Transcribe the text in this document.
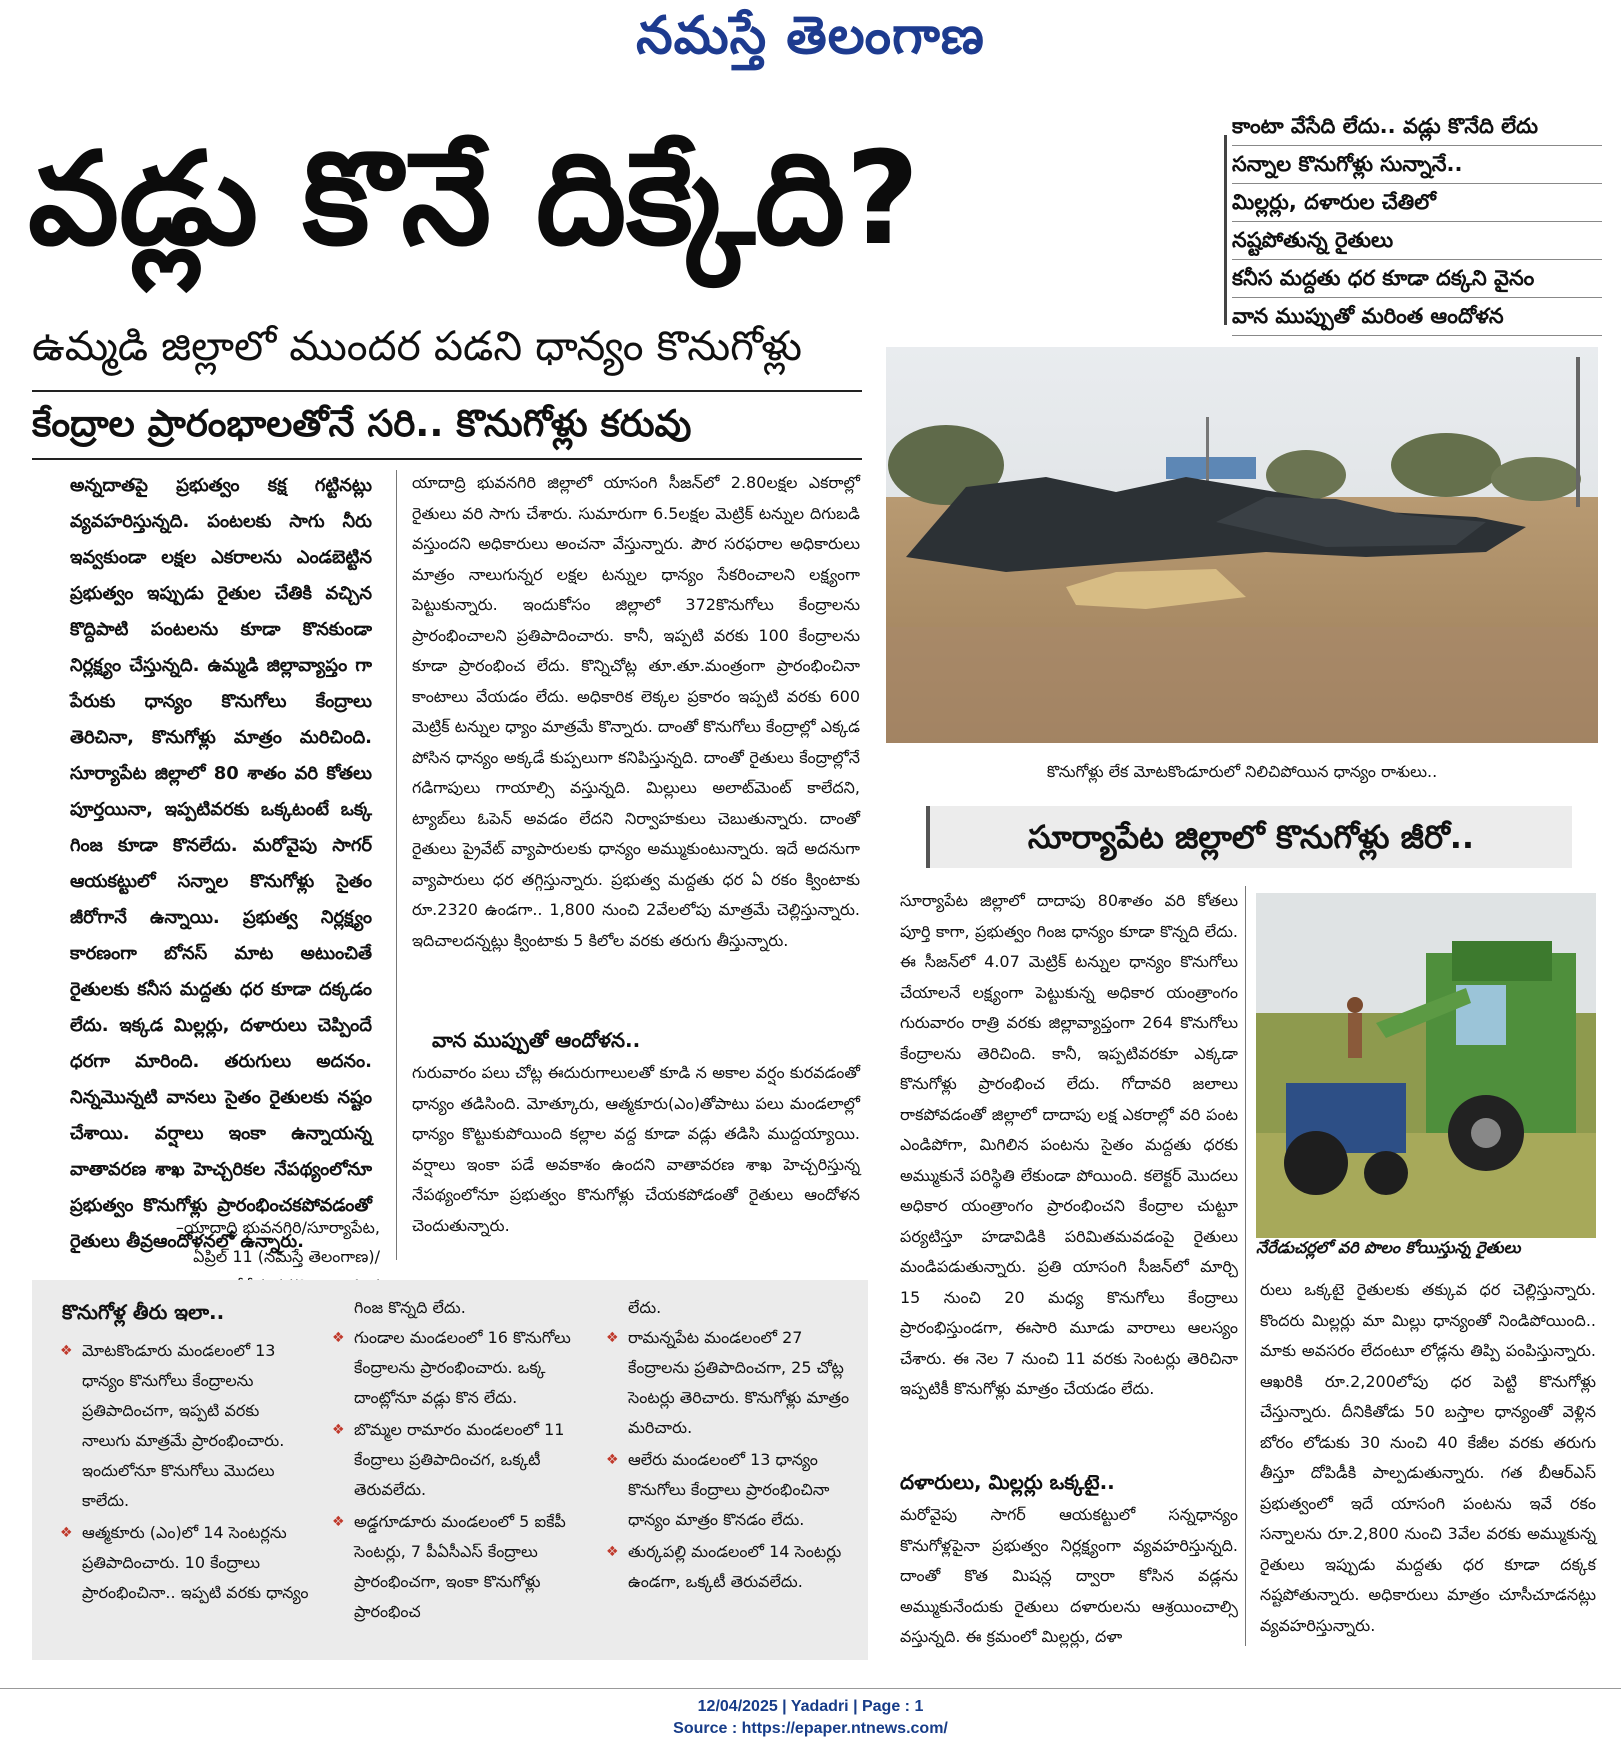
నమస్తే తెలంగాణ
వడ్లు కొనే దిక్కేది?	కాంటా వేసేది లేదు.. వడ్లు కొనేది లేదు
సన్నాల కొనుగోళ్లు సున్నానే..
మిల్లర్లు, దళారుల చేతిలో
నష్టపోతున్న రైతులు
కనీస మద్దతు ధర కూడా దక్కని వైనం
వాన ముప్పుతో మరింత ఆందోళన
ఉమ్మడి జిల్లాలో ముందర పడని ధాన్యం కొనుగోళ్లు
కేంద్రాల ప్రారంభాలతోనే సరి.. కొనుగోళ్లు కరువు
అన్నదాతపై ప్రభుత్వం కక్ష గట్టినట్లు వ్యవహరిస్తున్నది. పంటలకు సాగు నీరు ఇవ్వకుండా లక్షల ఎకరాలను ఎండబెట్టిన ప్రభుత్వం ఇప్పుడు రైతుల చేతికి వచ్చిన కొద్దిపాటి పంటలను కూడా కొనకుండా నిర్లక్ష్యం చేస్తున్నది. ఉమ్మడి జిల్లావ్యాప్తం గా పేరుకు ధాన్యం కొనుగోలు కేంద్రాలు తెరిచినా, కొనుగోళ్లు మాత్రం మరిచింది. సూర్యాపేట జిల్లాలో 80 శాతం వరి కోతలు పూర్తయినా, ఇప్పటివరకు ఒక్కటంటే ఒక్క గింజ కూడా కొనలేదు. మరోవైపు సాగర్ ఆయకట్టులో సన్నాల కొనుగోళ్లు సైతం జీరోగానే ఉన్నాయి. ప్రభుత్వ నిర్లక్ష్యం కారణంగా బోనస్ మాట అటుంచితే రైతులకు కనీస మద్దతు ధర కూడా దక్కడం లేదు. ఇక్కడ మిల్లర్లు, దళారులు చెప్పిందే ధరగా మారింది. తరుగులు అదనం. నిన్నమొన్నటి వానలు సైతం రైతులకు నష్టం చేశాయి. వర్షాలు ఇంకా ఉన్నాయన్న వాతావరణ శాఖ హెచ్చరికల నేపథ్యంలోనూ ప్రభుత్వం కొనుగోళ్లు ప్రారంభించకపోవడంతో రైతులు తీవ్రఆందోళనలో ఉన్నారు.
–యాదాద్రి భువనగిరి/సూర్యాపేట,
ఏప్రిల్ 11 (నమస్తే తెలంగాణ)/
యాదాద్రి భువనగిరి జిల్లాలో యాసంగి సీజన్‌లో 2.80లక్షల ఎకరాల్లో రైతులు వరి సాగు చేశారు. సుమారుగా 6.5లక్షల మెట్రిక్ టన్నుల దిగుబడి వస్తుందని అధికారులు అంచనా వేస్తున్నారు. పౌర సరఫరాల అధికారులు మాత్రం నాలుగున్నర లక్షల టన్నుల ధాన్యం సేకరించాలని లక్ష్యంగా పెట్టుకున్నారు. ఇందుకోసం జిల్లాలో 372కొనుగోలు కేంద్రాలను ప్రారంభించాలని ప్రతిపాదించారు. కానీ, ఇప్పటి వరకు 100 కేంద్రాలను కూడా ప్రారంభించ లేదు. కొన్నిచోట్ల తూ.తూ.మంత్రంగా ప్రారంభించినా కాంటాలు వేయడం లేదు. అధికారిక లెక్కల ప్రకారం ఇప్పటి వరకు 600 మెట్రిక్ టన్నుల ధ్యాం మాత్రమే కొన్నారు. దాంతో కొనుగోలు కేంద్రాల్లో ఎక్కడ పోసిన ధాన్యం అక్కడే కుప్పలుగా కనిపిస్తున్నది. దాంతో రైతులు కేంద్రాల్లోనే గడిగాపులు గాయాల్సి వస్తున్నది. మిల్లులు అలాట్‌మెంట్ కాలేదని, ట్యాబ్‌లు ఓపెన్ అవడం లేదని నిర్వాహకులు చెబుతున్నారు. దాంతో రైతులు ప్రైవేట్ వ్యాపారులకు ధాన్యం అమ్ముకుంటున్నారు. ఇదే అదనుగా వ్యాపారులు ధర తగ్గిస్తున్నారు. ప్రభుత్వ మద్దతు ధర ఏ రకం క్వింటాకు రూ.2320 ఉండగా.. 1,800 నుంచి 2వేలలోపు మాత్రమే చెల్లిస్తున్నారు. ఇదిచాలదన్నట్లు క్వింటాకు 5 కిలోల వరకు తరుగు తీస్తున్నారు.
వాన ముప్పుతో ఆందోళన..
గురువారం పలు చోట్ల ఈదురుగాలులతో కూడి న అకాల వర్షం కురవడంతో ధాన్యం తడిసింది. మోత్కూరు, ఆత్మకూరు(ఎం)తోపాటు పలు మండలాల్లో ధాన్యం కొట్టుకుపోయింది కల్లాల వద్ద కూడా వడ్లు తడిసి ముద్దయ్యాయి. వర్షాలు ఇంకా పడే అవకాశం ఉందని వాతావరణ శాఖ హెచ్చరిస్తున్న నేపథ్యంలోనూ ప్రభుత్వం కొనుగోళ్లు చేయకపోడంతో రైతులు ఆందోళన చెందుతున్నారు.
కొనుగోళ్లు లేక మోటకొండూరులో నిలిచిపోయిన ధాన్యం రాశులు..
సూర్యాపేట జిల్లాలో కొనుగోళ్లు జీరో..
సూర్యాపేట జిల్లాలో దాదాపు 80శాతం వరి కోతలు పూర్తి కాగా, ప్రభుత్వం గింజ ధాన్యం కూడా కొన్నది లేదు. ఈ సీజన్‌లో 4.07 మెట్రిక్ టన్నుల ధాన్యం కొనుగోలు చేయాలనే లక్ష్యంగా పెట్టుకున్న అధికార యంత్రాంగం గురువారం రాత్రి వరకు జిల్లావ్యాప్తంగా 264 కొనుగోలు కేంద్రాలను తెరిచింది. కానీ, ఇప్పటివరకూ ఎక్కడా కొనుగోళ్లు ప్రారంభించ లేదు. గోదావరి జలాలు రాకపోవడంతో జిల్లాలో దాదాపు లక్ష ఎకరాల్లో వరి పంట ఎండిపోగా, మిగిలిన పంటను సైతం మద్దతు ధరకు అమ్ముకునే పరిస్థితి లేకుండా పోయింది. కలెక్టర్ మొదలు అధికార యంత్రాంగం ప్రారంభించని కేంద్రాల చుట్టూ పర్యటిస్తూ హడావిడికి పరిమితమవడంపై రైతులు మండిపడుతున్నారు. ప్రతి యాసంగి సీజన్‌లో మార్చి 15 నుంచి 20 మధ్య కొనుగోలు కేంద్రాలు ప్రారంభిస్తుండగా, ఈసారి మూడు వారాలు ఆలస్యం చేశారు. ఈ నెల 7 నుంచి 11 వరకు సెంటర్లు తెరిచినా ఇప్పటికీ కొనుగోళ్లు మాత్రం చేయడం లేదు.
దళారులు, మిల్లర్లు ఒక్కటై..
మరోవైపు సాగర్ ఆయకట్టులో సన్నధాన్యం కొనుగోళ్లపైనా ప్రభుత్వం నిర్లక్ష్యంగా వ్యవహరిస్తున్నది. దాంతో కొత మిషన్ల ద్వారా కోసిన వడ్లను అమ్ముకునేందుకు రైతులు దళారులను ఆశ్రయించాల్సి వస్తున్నది. ఈ క్రమంలో మిల్లర్లు, దళా
నేరేడుచర్లలో వరి పొలం కోయిస్తున్న రైతులు
రులు ఒక్కటై రైతులకు తక్కువ ధర చెల్లిస్తున్నారు. కొందరు మిల్లర్లు మా మిల్లు ధాన్యంతో నిండిపోయింది.. మాకు అవసరం లేదంటూ లోడ్లను తిప్పి పంపిస్తున్నారు. ఆఖరికి రూ.2,200లోపు ధర పెట్టి కొనుగోళ్లు చేస్తున్నారు. దీనికితోడు 50 బస్తాల ధాన్యంతో వెళ్లిన బోరం లోడుకు 30 నుంచి 40 కేజీల వరకు తరుగు తీస్తూ దోపిడీకి పాల్పడుతున్నారు. గత బీఆర్ఎస్ ప్రభుత్వంలో ఇదే యాసంగి పంటను ఇవే రకం సన్నాలను రూ.2,800 నుంచి 3వేల వరకు అమ్ముకున్న రైతులు ఇప్పుడు మద్దతు ధర కూడా దక్కక నష్టపోతున్నారు. అధికారులు మాత్రం చూసీచూడనట్లు వ్యవహరిస్తున్నారు.
కొనుగోళ్ల తీరు ఇలా..
❖ మోటకొండూరు మండలంలో 13 ధాన్యం కొనుగోలు కేంద్రాలను ప్రతిపాదించగా, ఇప్పటి వరకు నాలుగు మాత్రమే ప్రారంభించారు. ఇందులోనూ కొనుగోలు మొదలు కాలేదు.
❖ ఆత్మకూరు (ఎం)లో 14 సెంటర్లను ప్రతిపాదించారు. 10 కేంద్రాలు ప్రారంభించినా.. ఇప్పటి వరకు ధాన్యం
గింజ కొన్నది లేదు.
❖ గుండాల మండలంలో 16 కొనుగోలు కేంద్రాలను ప్రారంభించారు. ఒక్క దాంట్లోనూ వడ్లు కొన లేదు.
❖ బొమ్మల రామారం మండలంలో 11 కేంద్రాలు ప్రతిపాదించగ, ఒక్కటీ తెరువలేదు.
❖ అడ్డగూడూరు మండలంలో 5 ఐకేపీ సెంటర్లు, 7 పీఏసీఎస్ కేంద్రాలు ప్రారంభించగా, ఇంకా కొనుగోళ్లు ప్రారంభించ
లేదు.
❖ రామన్నపేట మండలంలో 27 కేంద్రాలను ప్రతిపాదించగా, 25 చోట్ల సెంటర్లు తెరిచారు. కొనుగోళ్లు మాత్రం మరిచారు.
❖ ఆలేరు మండలంలో 13 ధాన్యం కొనుగోలు కేంద్రాలు ప్రారంభించినా ధాన్యం మాత్రం కొనడం లేదు.
❖ తుర్కపల్లి మండలంలో 14 సెంటర్లు ఉండగా, ఒక్కటీ తెరువలేదు.
12/04/2025 | Yadadri | Page : 1
Source : https://epaper.ntnews.com/
